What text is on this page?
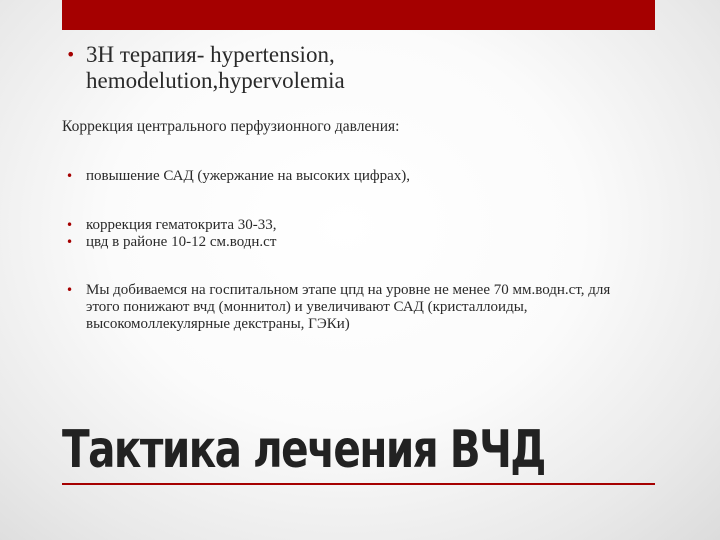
• 3Н терапия- hypertension,
hemodelution,hypervolemia
Коррекция центрального перфузионного давления:
• повышение САД (ужержание на высоких цифрах),
• коррекция гематокрита 30-33,
• цвд в районе 10-12 см.водн.ст
• Мы добиваемся на госпитальном этапе цпд на уровне не менее 70 мм.водн.ст, для этого понижают вчд (моннитол) и увеличивают САД (кристаллоиды, высокомоллекулярные декстраны, ГЭКи)
Тактика лечения ВЧД
